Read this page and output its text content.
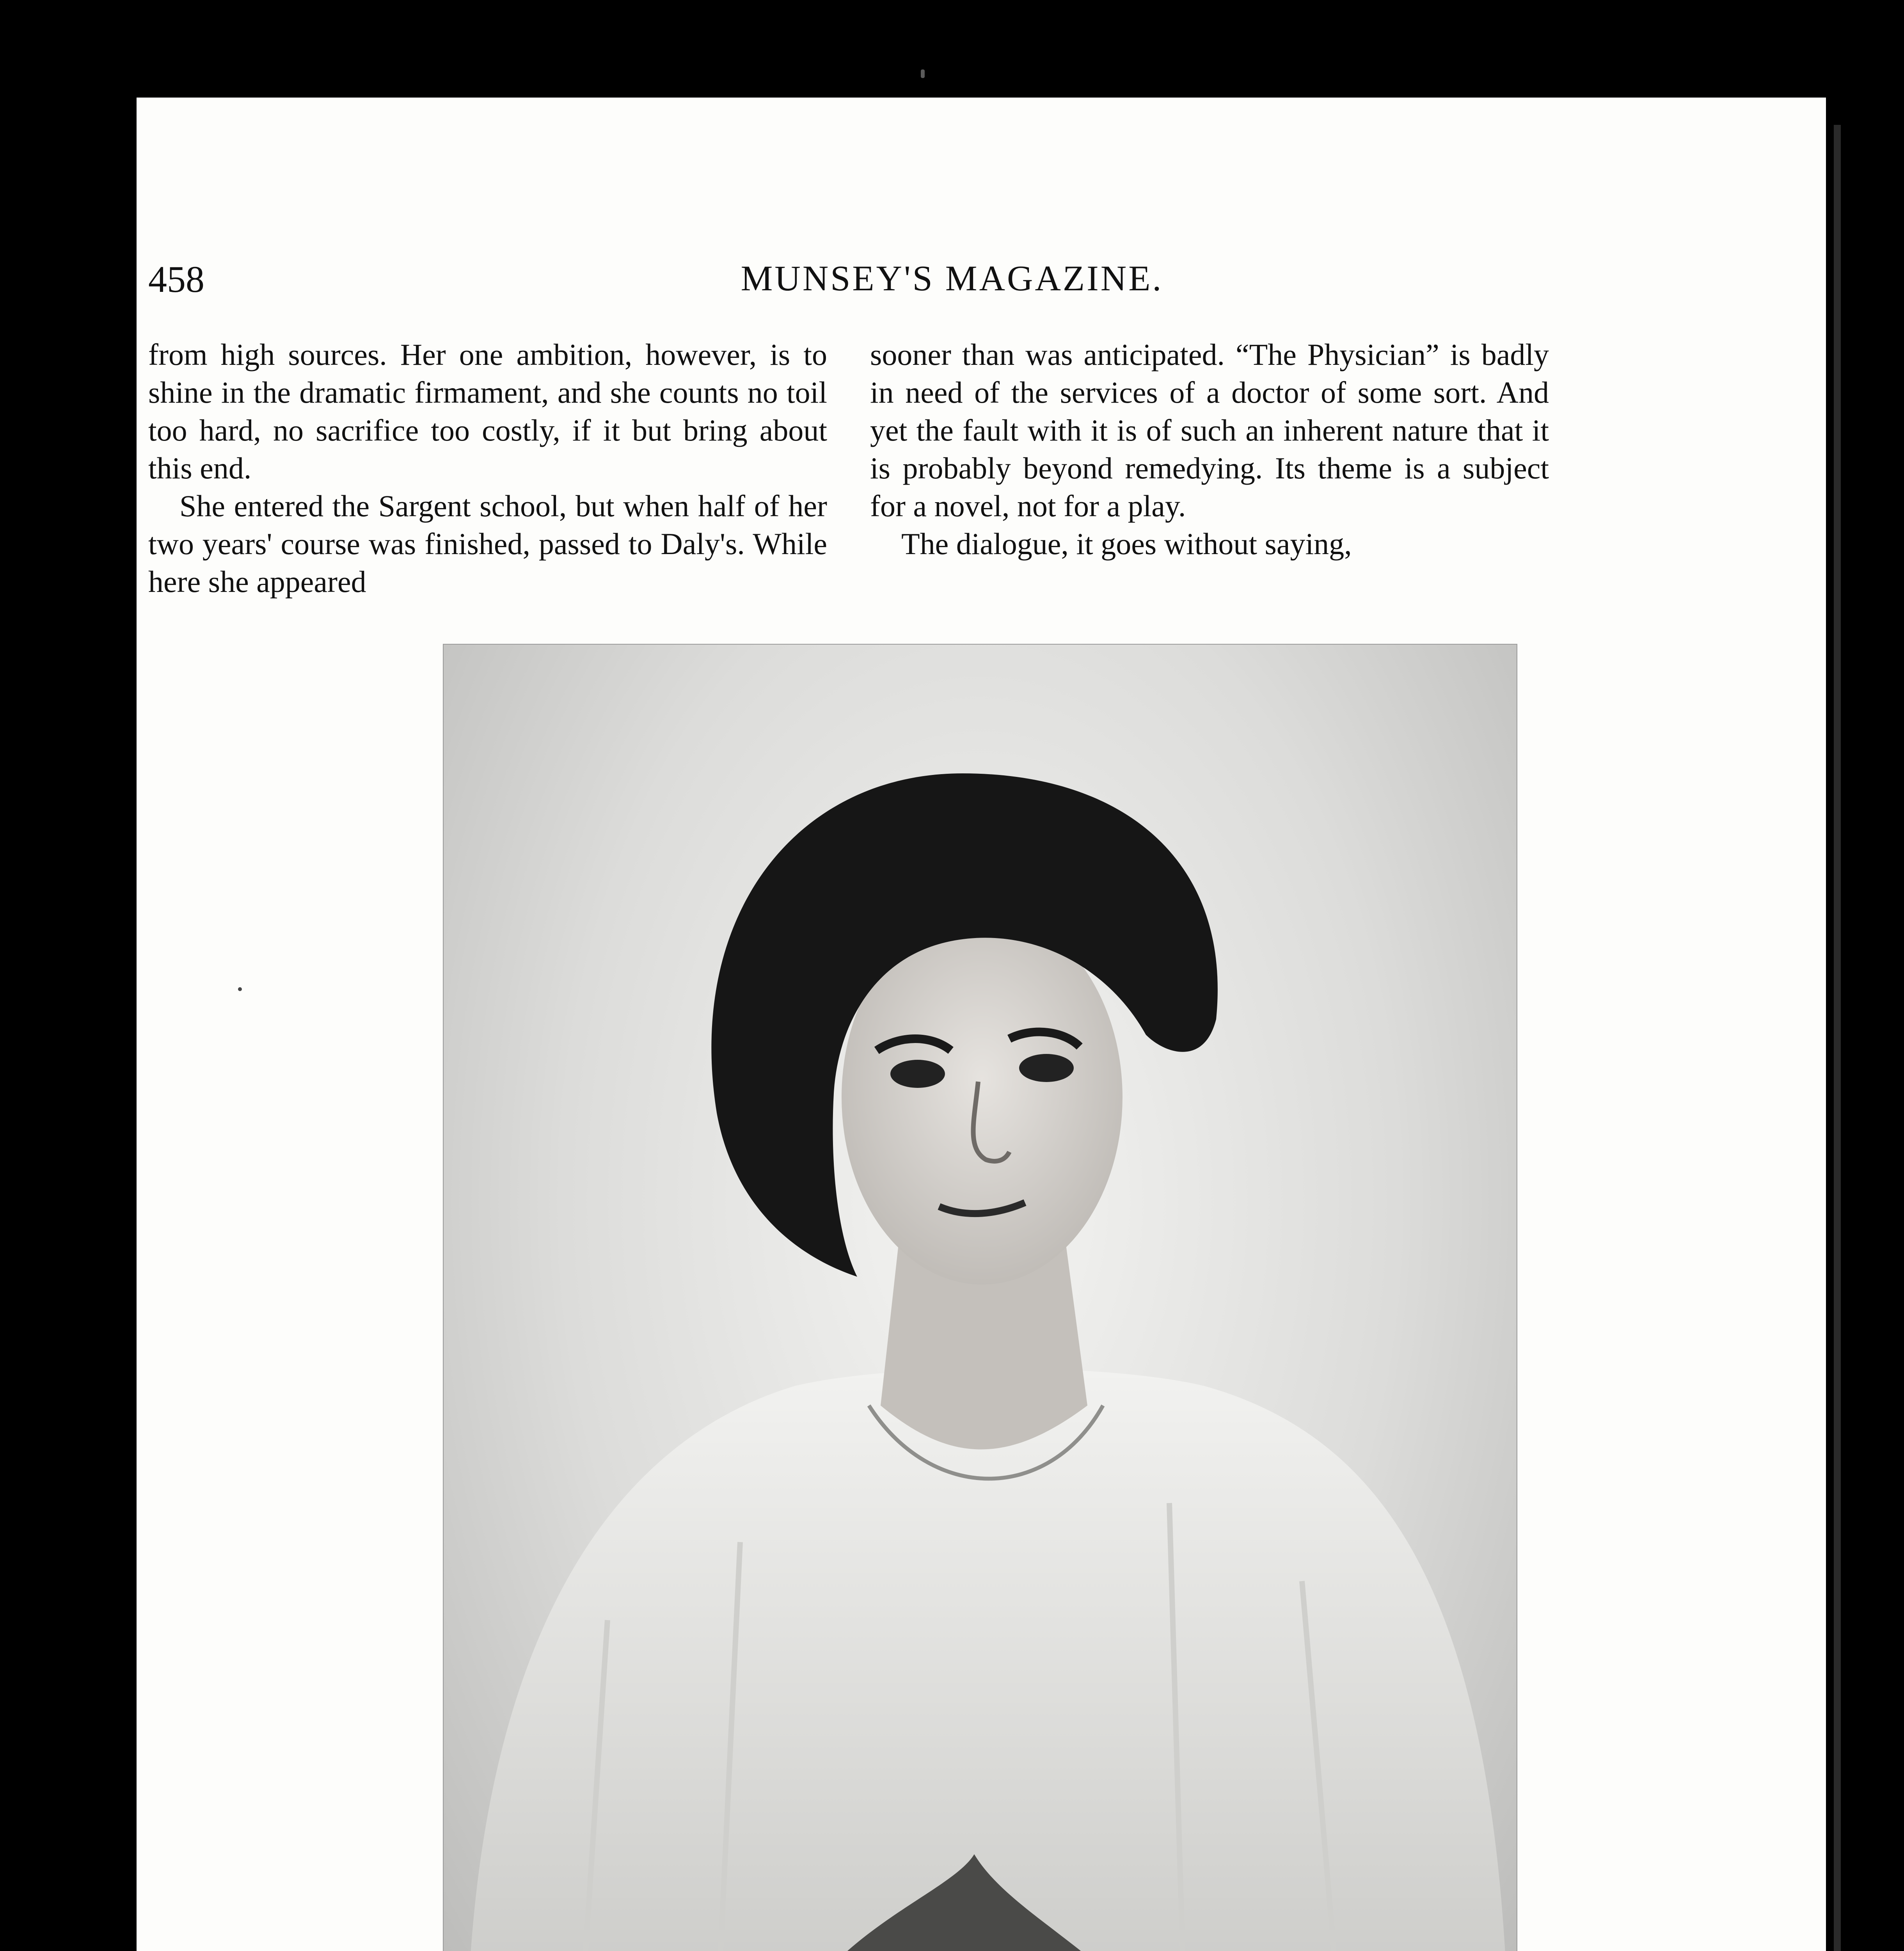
MUNSEY'S MAGAZINE.
458

from high sources. Her one ambition, however, is to shine in the dramatic firmament, and she counts no toil too hard, no sacrifice too costly, if it but bring about this end.

She entered the Sargent school, but when half of her two years' course was finished, passed to Daly's. While here she appeared

sooner than was anticipated. “The Physician” is badly in need of the services of a doctor of some sort. And yet the fault with it is of such an inherent nature that it is probably beyond remedying. Its theme is a subject for a novel, not for a play.

The dialogue, it goes without saying,
